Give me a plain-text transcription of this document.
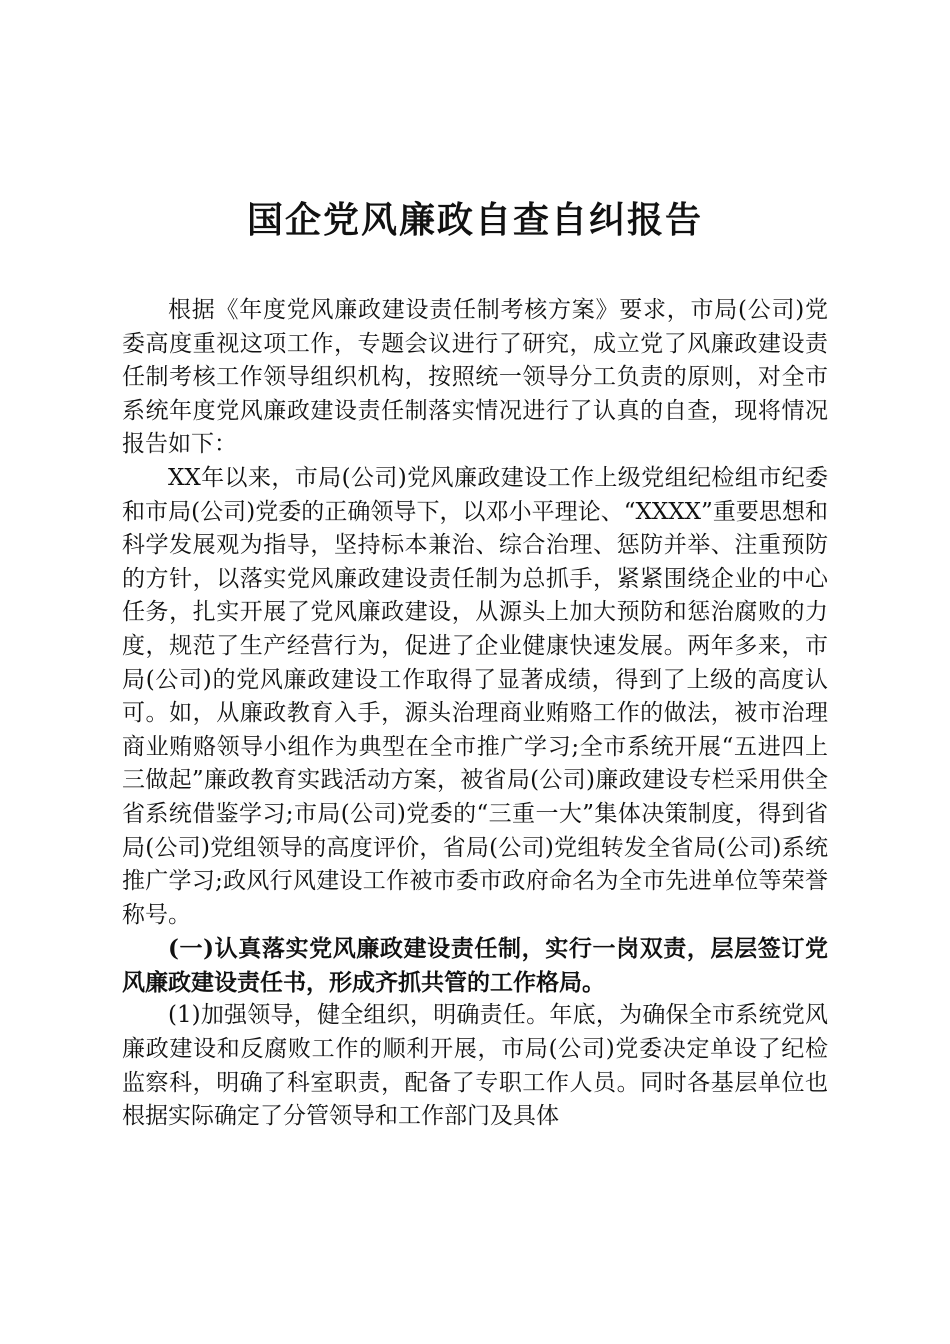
国企党风廉政自查自纠报告

根据《年度党风廉政建设责任制考核方案》要求，市局(公司)党委高度重视这项工作，专题会议进行了研究，成立党了风廉政建设责任制考核工作领导组织机构，按照统一领导分工负责的原则，对全市系统年度党风廉政建设责任制落实情况进行了认真的自查，现将情况报告如下：

XX年以来，市局(公司)党风廉政建设工作上级党组纪检组市纪委和市局(公司)党委的正确领导下，以邓小平理论、“XXXX”重要思想和科学发展观为指导，坚持标本兼治、综合治理、惩防并举、注重预防的方针，以落实党风廉政建设责任制为总抓手，紧紧围绕企业的中心任务，扎实开展了党风廉政建设，从源头上加大预防和惩治腐败的力度，规范了生产经营行为，促进了企业健康快速发展。两年多来，市局(公司)的党风廉政建设工作取得了显著成绩，得到了上级的高度认可。如，从廉政教育入手，源头治理商业贿赂工作的做法，被市治理商业贿赂领导小组作为典型在全市推广学习;全市系统开展“五进四上三做起”廉政教育实践活动方案，被省局(公司)廉政建设专栏采用供全省系统借鉴学习;市局(公司)党委的“三重一大”集体决策制度，得到省局(公司)党组领导的高度评价，省局(公司)党组转发全省局(公司)系统推广学习;政风行风建设工作被市委市政府命名为全市先进单位等荣誉称号。

(一)认真落实党风廉政建设责任制，实行一岗双责，层层签订党风廉政建设责任书，形成齐抓共管的工作格局。

(1)加强领导，健全组织，明确责任。年底，为确保全市系统党风廉政建设和反腐败工作的顺利开展，市局(公司)党委决定单设了纪检监察科，明确了科室职责，配备了专职工作人员。同时各基层单位也根据实际确定了分管领导和工作部门及具体
